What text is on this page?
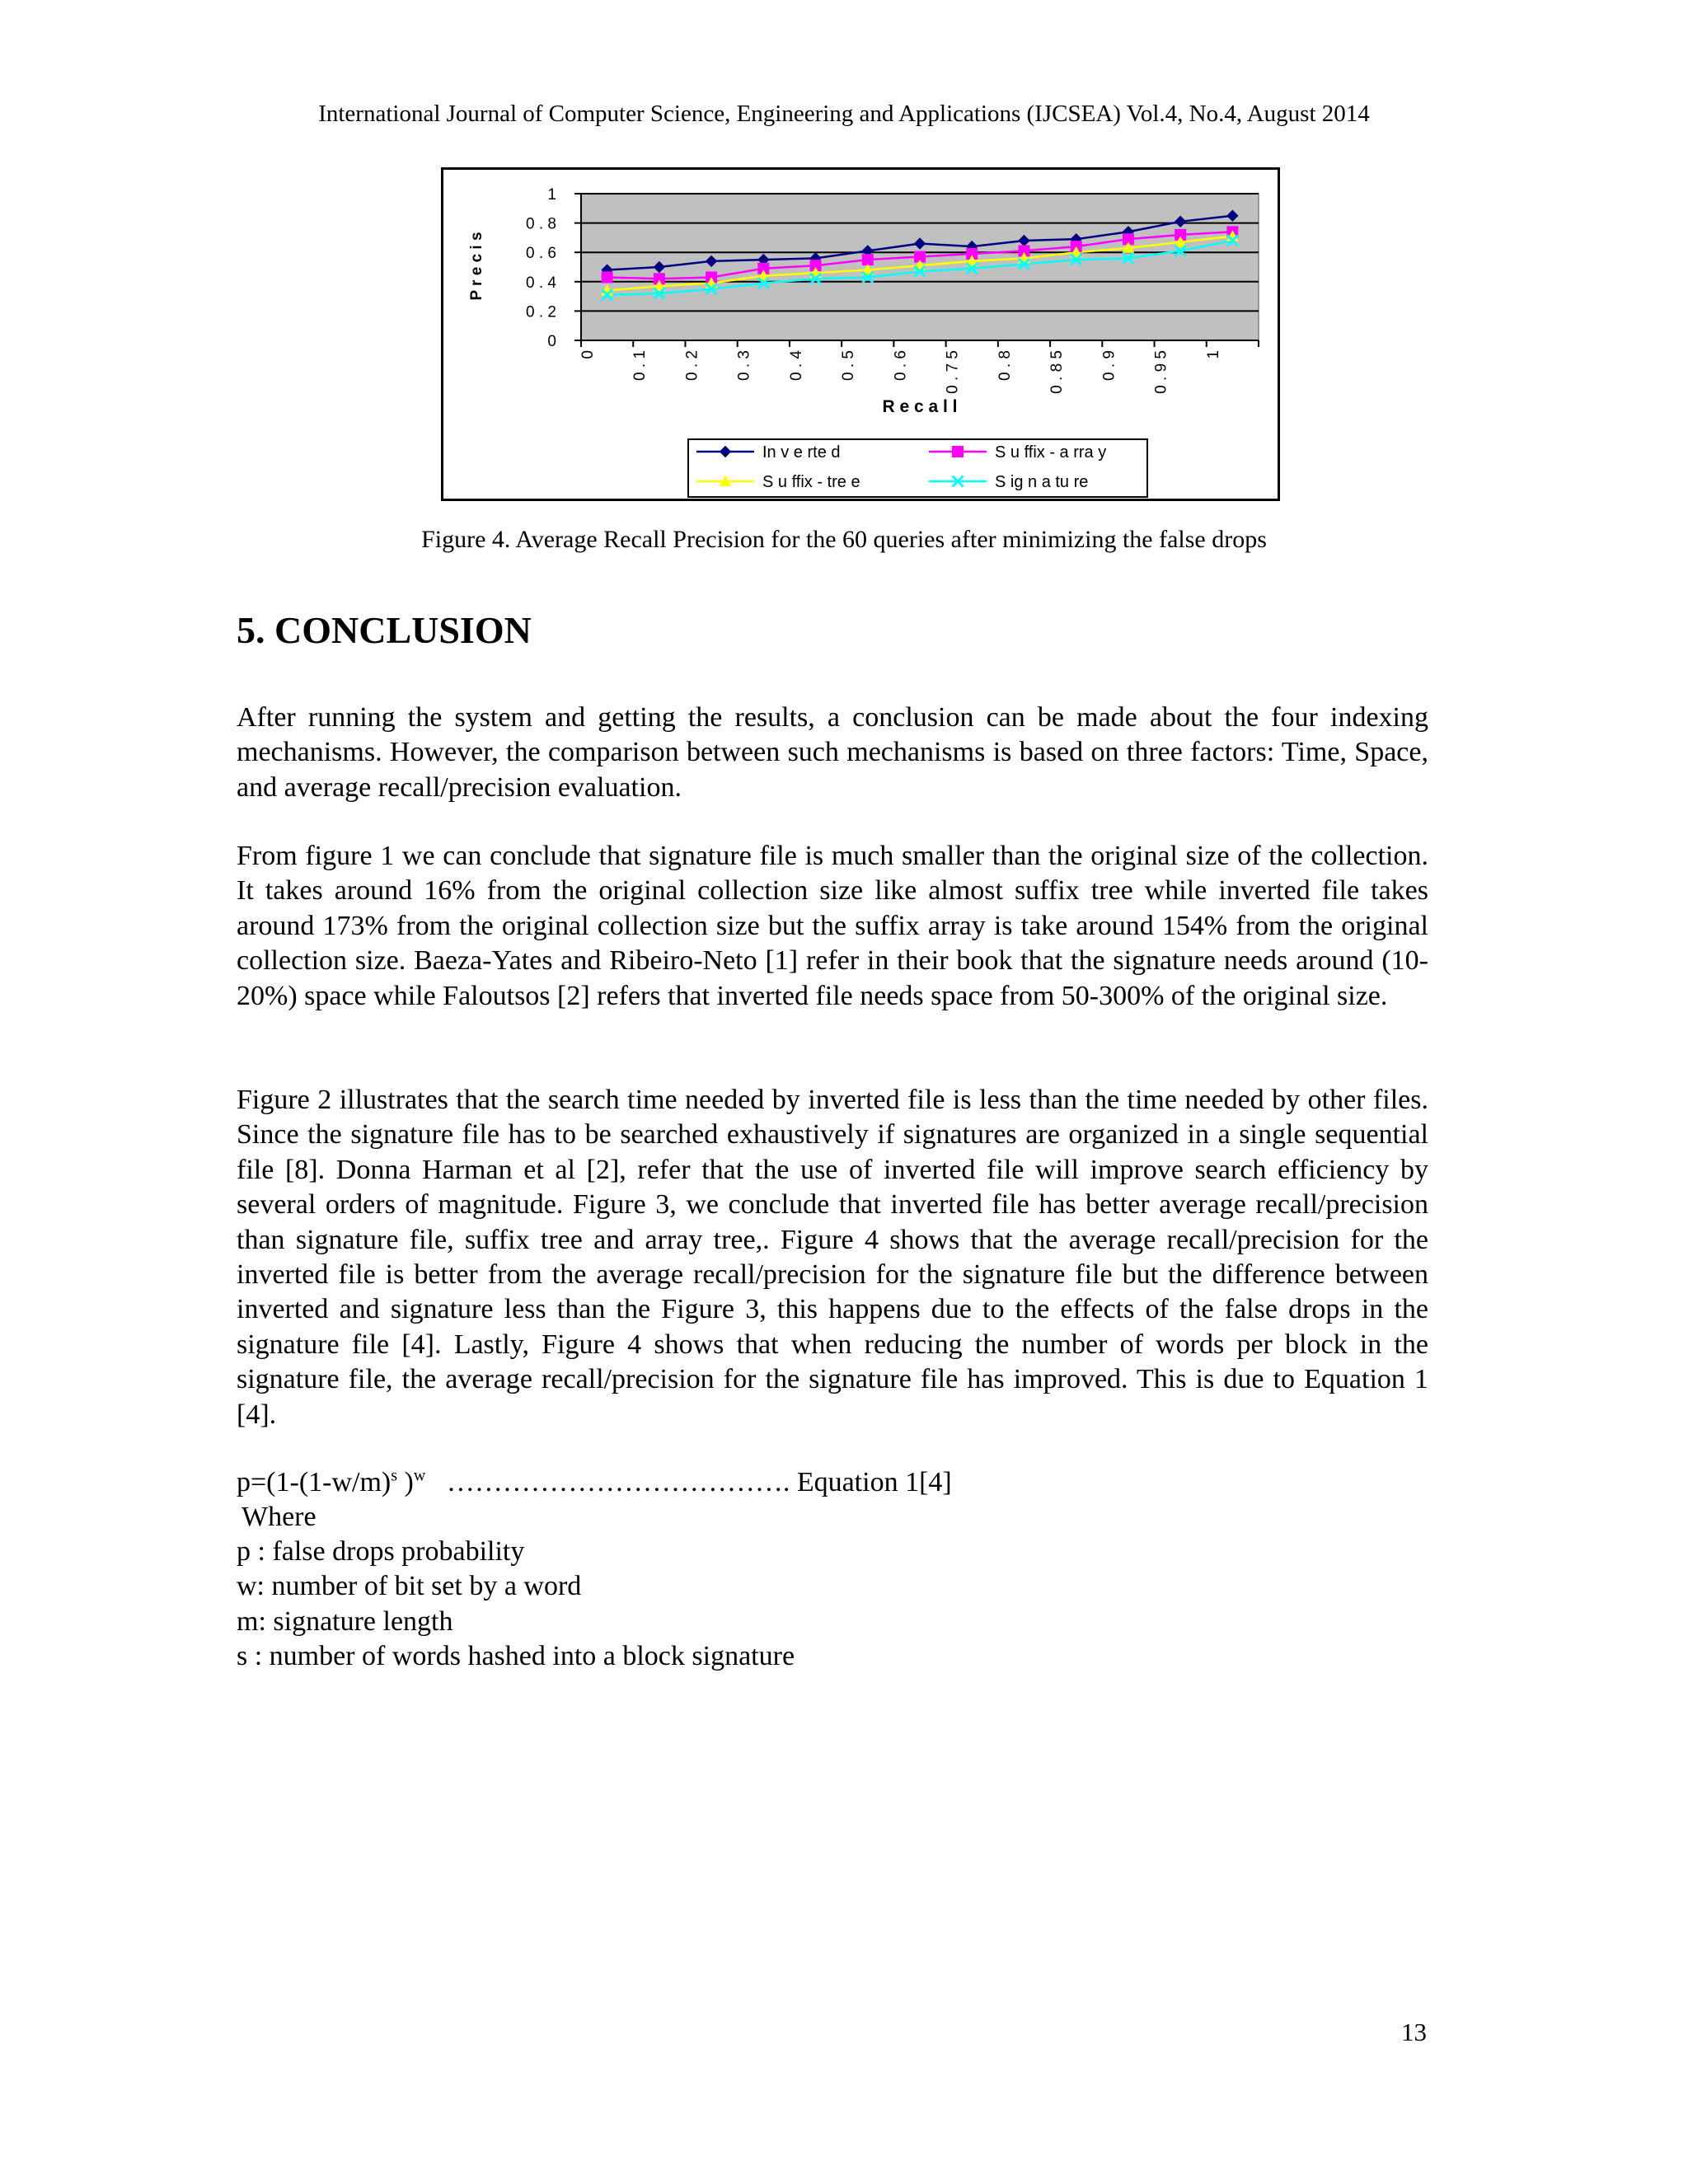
International Journal of Computer Science, Engineering and Applications (IJCSEA) Vol.4, No.4, August 2014
0
0 . 2
0 . 4
0 . 6
0 . 8
1
0 0 . 1 0 . 2 0 . 3 0 . 4 0 . 5 0 . 6 0 . 7 5 0 . 8 0 . 8 5 0 . 9 0 . 9 5 1
P r e c i s
R e c a l l
In v e rte d	S u ffix - a rra y
S u ffix - tre e	S ig n a tu re
Figure 4. Average Recall Precision for the 60 queries after minimizing the false drops
5. CONCLUSION

After running the system and getting the results, a conclusion can be made about the four indexing mechanisms. However, the comparison between such mechanisms is based on three factors: Time, Space, and average recall/precision evaluation.

From figure 1 we can conclude that signature file is much smaller than the original size of the collection. It takes around 16% from the original collection size like almost suffix tree while inverted file takes around 173% from the original collection size but the suffix array is take around 154% from the original collection size. Baeza-Yates and Ribeiro-Neto [1] refer in their book that the signature needs around (10-20%) space while Faloutsos [2] refers that inverted file needs space from 50-300% of the original size.

Figure 2 illustrates that the search time needed by inverted file is less than the time needed by other files. Since the signature file has to be searched exhaustively if signatures are organized in a single sequential file [8]. Donna Harman et al [2], refer that the use of inverted file will improve search efficiency by several orders of magnitude. Figure 3, we conclude that inverted file has better average recall/precision than signature file, suffix tree and array tree,. Figure 4 shows that the average recall/precision for the inverted file is better from the average recall/precision for the signature file but the difference between inverted and signature less than the Figure 3, this happens due to the effects of the false drops in the signature file [4]. Lastly, Figure 4 shows that when reducing the number of words per block in the signature file, the average recall/precision for the signature file has improved. This is due to Equation 1 [4].

$p=(1-(1-w/m)^s$ )$^w$   ………………………………. Equation 1[4]
Where
p : false drops probability
w: number of bit set by a word
m: signature length
s : number of words hashed into a block signature
13
